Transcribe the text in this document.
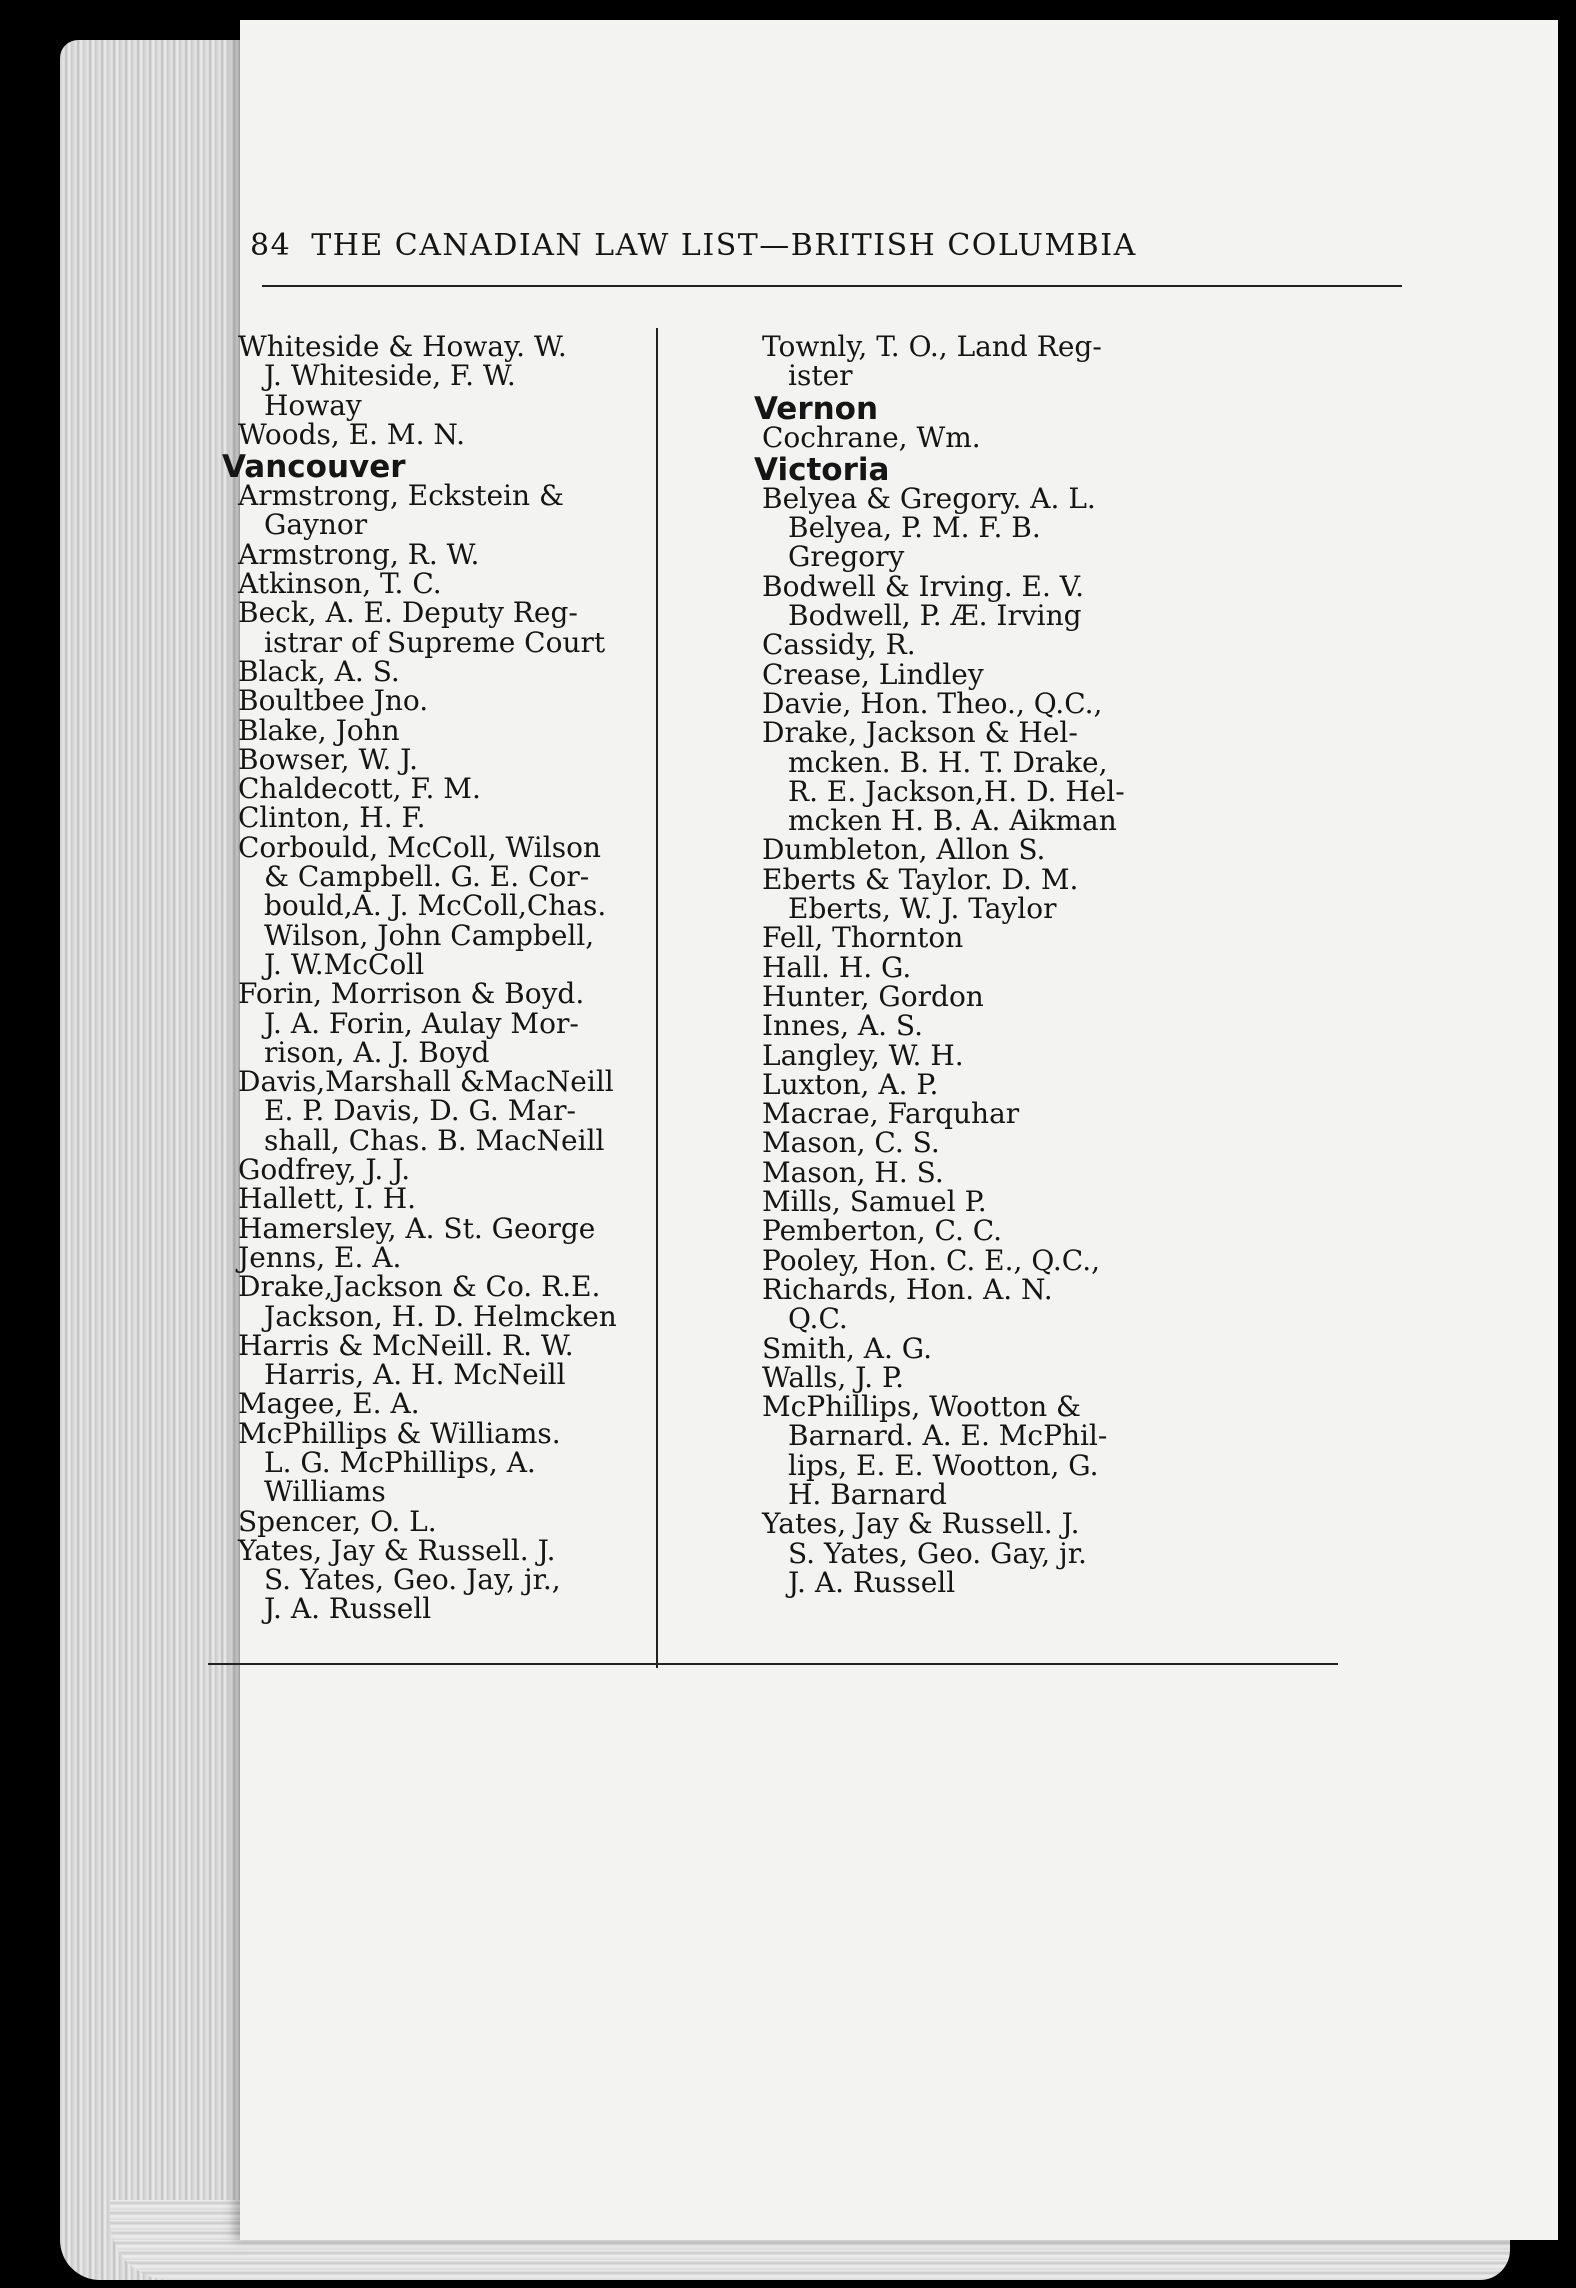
84 THE CANADIAN LAW LIST—BRITISH COLUMBIA
Whiteside & Howay. W.
J. Whiteside, F. W.
Howay
Woods, E. M. N.
Vancouver
Armstrong, Eckstein &
Gaynor
Armstrong, R. W.
Atkinson, T. C.
Beck, A. E. Deputy Reg-
istrar of Supreme Court
Black, A. S.
Boultbee Jno.
Blake, John
Bowser, W. J.
Chaldecott, F. M.
Clinton, H. F.
Corbould, McColl, Wilson
& Campbell. G. E. Cor-
bould,A. J. McColl,Chas.
Wilson, John Campbell,
J. W.McColl
Forin, Morrison & Boyd.
J. A. Forin, Aulay Mor-
rison, A. J. Boyd
Davis,Marshall &MacNeill
E. P. Davis, D. G. Mar-
shall, Chas. B. MacNeill
Godfrey, J. J.
Hallett, I. H.
Hamersley, A. St. George
Jenns, E. A.
Drake,Jackson & Co. R.E.
Jackson, H. D. Helmcken
Harris & McNeill. R. W.
Harris, A. H. McNeill
Magee, E. A.
McPhillips & Williams.
L. G. McPhillips, A.
Williams
Spencer, O. L.
Yates, Jay & Russell. J.
S. Yates, Geo. Jay, jr.,
J. A. Russell
Townly, T. O., Land Reg-
ister
Vernon
Cochrane, Wm.
Victoria
Belyea & Gregory. A. L.
Belyea, P. M. F. B.
Gregory
Bodwell & Irving. E. V.
Bodwell, P. Æ. Irving
Cassidy, R.
Crease, Lindley
Davie, Hon. Theo., Q.C.,
Drake, Jackson & Hel-
mcken. B. H. T. Drake,
R. E. Jackson,H. D. Hel-
mcken H. B. A. Aikman
Dumbleton, Allon S.
Eberts & Taylor. D. M.
Eberts, W. J. Taylor
Fell, Thornton
Hall. H. G.
Hunter, Gordon
Innes, A. S.
Langley, W. H.
Luxton, A. P.
Macrae, Farquhar
Mason, C. S.
Mason, H. S.
Mills, Samuel P.
Pemberton, C. C.
Pooley, Hon. C. E., Q.C.,
Richards, Hon. A. N.
Q.C.
Smith, A. G.
Walls, J. P.
McPhillips, Wootton &
Barnard. A. E. McPhil-
lips, E. E. Wootton, G.
H. Barnard
Yates, Jay & Russell. J.
S. Yates, Geo. Gay, jr.
J. A. Russell
